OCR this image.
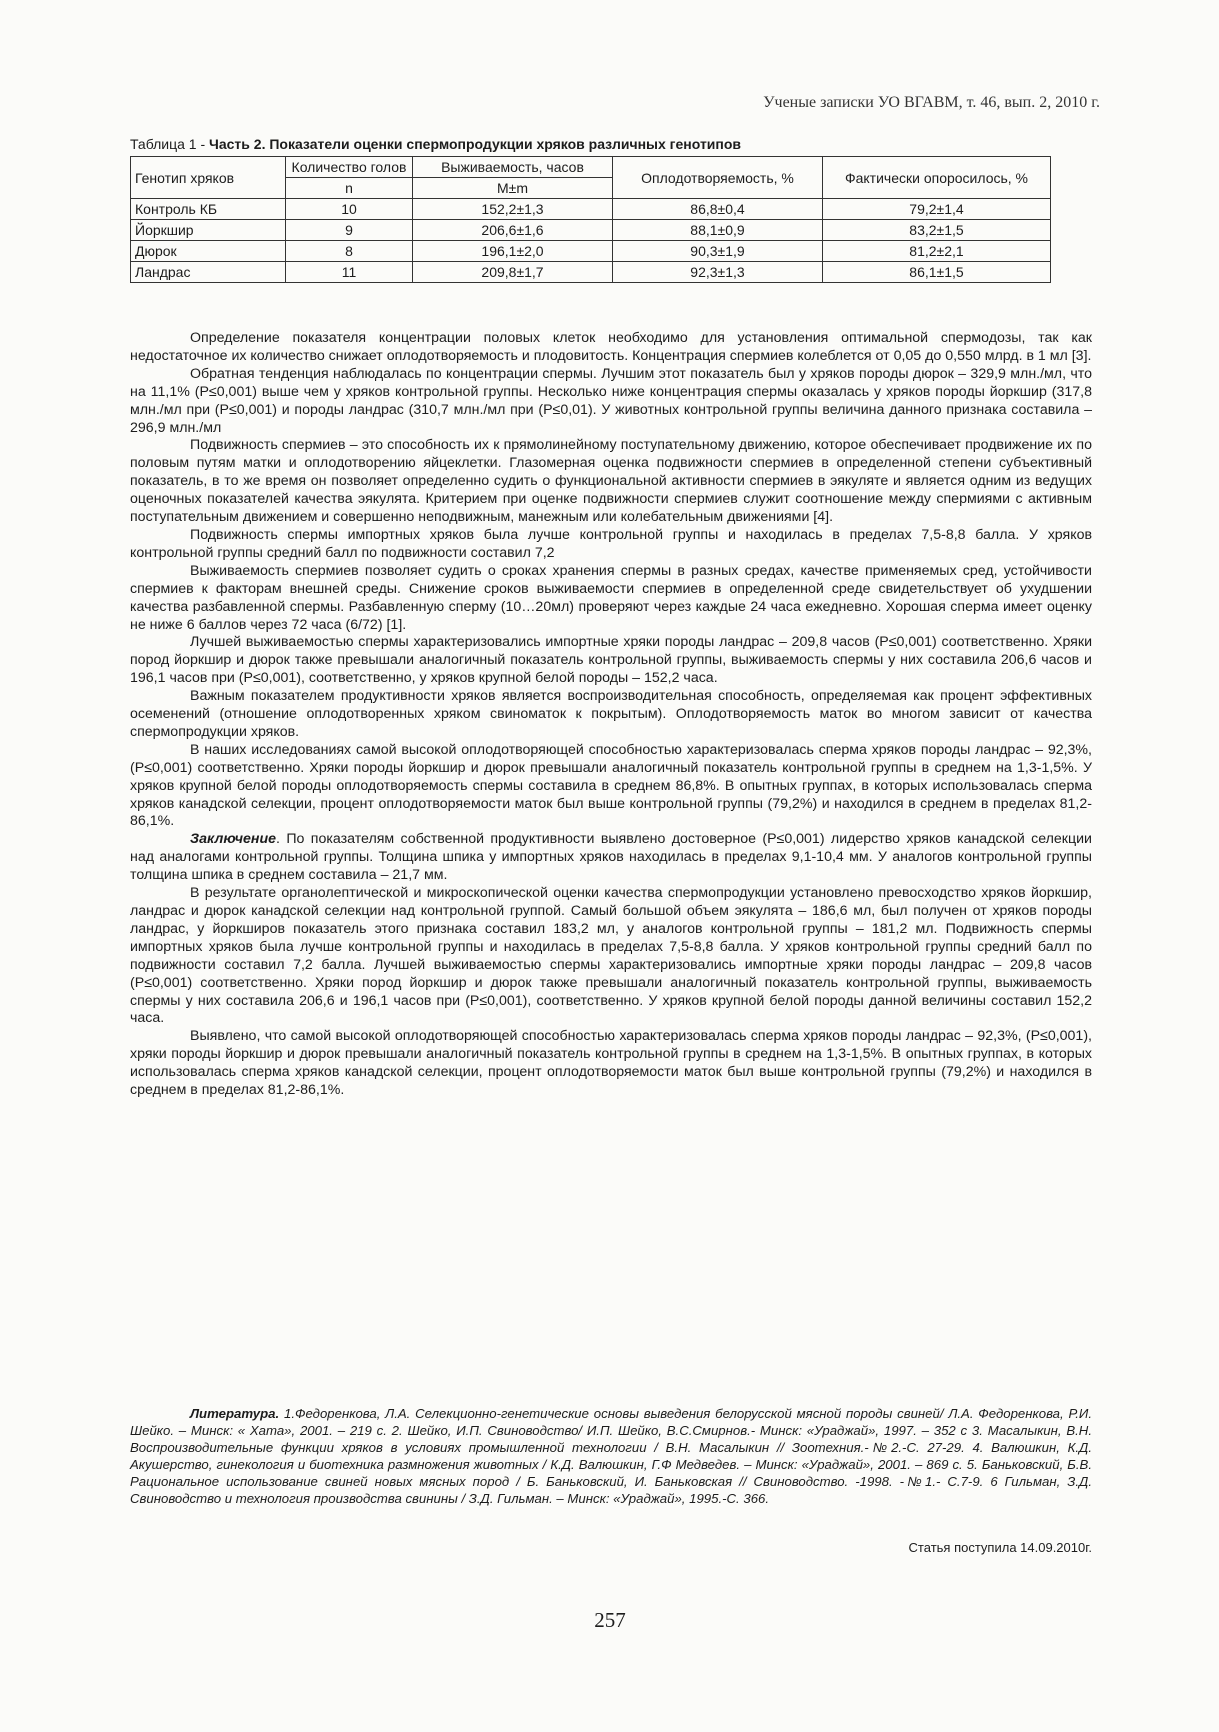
Ученые записки УО ВГАВМ, т. 46, вып. 2, 2010 г.
Таблица 1 - Часть 2. Показатели оценки спермопродукции хряков различных генотипов
Генотип хряков	Количество голов	Выживаемость, часов	Оплодотворяемость, %	Фактически опоросилось, %
	n	M±m		
Контроль КБ	10	152,2±1,3	86,8±0,4	79,2±1,4
Йоркшир	9	206,6±1,6	88,1±0,9	83,2±1,5
Дюрок	8	196,1±2,0	90,3±1,9	81,2±2,1
Ландрас	11	209,8±1,7	92,3±1,3	86,1±1,5

Определение показателя концентрации половых клеток необходимо для установления оптимальной спермодозы, так как недостаточное их количество снижает оплодотворяемость и плодовитость. Концентрация спермиев колеблется от 0,05 до 0,550 млрд. в 1 мл [3].

Обратная тенденция наблюдалась по концентрации спермы. Лучшим этот показатель был у хряков породы дюрок – 329,9 млн./мл, что на 11,1% (P≤0,001) выше чем у хряков контрольной группы. Несколько ниже концентрация спермы оказалась у хряков породы йоркшир (317,8 млн./мл при (P≤0,001) и породы ландрас (310,7 млн./мл при (P≤0,01). У животных контрольной группы величина данного признака составила – 296,9 млн./мл

Подвижность спермиев – это способность их к прямолинейному поступательному движению, которое обеспечивает продвижение их по половым путям матки и оплодотворению яйцеклетки. Глазомерная оценка подвижности спермиев в определенной степени субъективный показатель, в то же время он позволяет определенно судить о функциональной активности спермиев в эякуляте и является одним из ведущих оценочных показателей качества эякулята. Критерием при оценке подвижности спермиев служит соотношение между спермиями с активным поступательным движением и совершенно неподвижным, манежным или колебательным движениями [4].

Подвижность спермы импортных хряков была лучше контрольной группы и находилась в пределах 7,5-8,8 балла. У хряков контрольной группы средний балл по подвижности составил 7,2

Выживаемость спермиев позволяет судить о сроках хранения спермы в разных средах, качестве применяемых сред, устойчивости спермиев к факторам внешней среды. Снижение сроков выживаемости спермиев в определенной среде свидетельствует об ухудшении качества разбавленной спермы. Разбавленную сперму (10…20мл) проверяют через каждые 24 часа ежедневно. Хорошая сперма имеет оценку не ниже 6 баллов через 72 часа (6/72) [1].

Лучшей выживаемостью спермы характеризовались импортные хряки породы ландрас – 209,8 часов (P≤0,001) соответственно. Хряки пород йоркшир и дюрок также превышали аналогичный показатель контрольной группы, выживаемость спермы у них составила 206,6 часов и 196,1 часов при (P≤0,001), соответственно, у хряков крупной белой породы – 152,2 часа.

Важным показателем продуктивности хряков является воспроизводительная способность, определяемая как процент эффективных осеменений (отношение оплодотворенных хряком свиноматок к покрытым). Оплодотворяемость маток во многом зависит от качества спермопродукции хряков.

В наших исследованиях самой высокой оплодотворяющей способностью характеризовалась сперма хряков породы ландрас – 92,3%, (P≤0,001) соответственно. Хряки породы йоркшир и дюрок превышали аналогичный показатель контрольной группы в среднем на 1,3-1,5%. У хряков крупной белой породы оплодотворяемость спермы составила в среднем 86,8%. В опытных группах, в которых использовалась сперма хряков канадской селекции, процент оплодотворяемости маток был выше контрольной группы (79,2%) и находился в среднем в пределах 81,2-86,1%.

Заключение. По показателям собственной продуктивности выявлено достоверное (P≤0,001) лидерство хряков канадской селекции над аналогами контрольной группы. Толщина шпика у импортных хряков находилась в пределах 9,1-10,4 мм. У аналогов контрольной группы толщина шпика в среднем составила – 21,7 мм.

В результате органолептической и микроскопической оценки качества спермопродукции установлено превосходство хряков йоркшир, ландрас и дюрок канадской селекции над контрольной группой. Самый большой объем эякулята – 186,6 мл, был получен от хряков породы ландрас, у йоркширов показатель этого признака составил 183,2 мл, у аналогов контрольной группы – 181,2 мл. Подвижность спермы импортных хряков была лучше контрольной группы и находилась в пределах 7,5-8,8 балла. У хряков контрольной группы средний балл по подвижности составил 7,2 балла. Лучшей выживаемостью спермы характеризовались импортные хряки породы ландрас – 209,8 часов (P≤0,001) соответственно. Хряки пород йоркшир и дюрок также превышали аналогичный показатель контрольной группы, выживаемость спермы у них составила 206,6 и 196,1 часов при (P≤0,001), соответственно. У хряков крупной белой породы данной величины составил 152,2 часа.

Выявлено, что самой высокой оплодотворяющей способностью характеризовалась сперма хряков породы ландрас – 92,3%, (P≤0,001), хряки породы йоркшир и дюрок превышали аналогичный показатель контрольной группы в среднем на 1,3-1,5%. В опытных группах, в которых использовалась сперма хряков канадской селекции, процент оплодотворяемости маток был выше контрольной группы (79,2%) и находился в среднем в пределах 81,2-86,1%.

Литература. 1.Федоренкова, Л.А. Селекционно-генетические основы выведения белорусской мясной породы свиней/ Л.А. Федоренкова, Р.И. Шейко. – Минск: « Хата», 2001. – 219 с. 2. Шейко, И.П. Свиноводство/ И.П. Шейко, В.С.Смирнов.- Минск: «Ураджай», 1997. – 352 с 3. Масалыкин, В.Н. Воспроизводительные функции хряков в условиях промышленной технологии / В.Н. Масалыкин // Зоотехния.-№2.-С. 27-29. 4. Валюшкин, К.Д. Акушерство, гинекология и биотехника размножения животных / К.Д. Валюшкин, Г.Ф Медведев. – Минск: «Ураджай», 2001. – 869 с. 5. Баньковский, Б.В. Рациональное использование свиней новых мясных пород / Б. Баньковский, И. Баньковская // Свиноводство. -1998. -№1.- С.7-9. 6 Гильман, З.Д. Свиноводство и технология производства свинины / З.Д. Гильман. – Минск: «Ураджай», 1995.-С. 366.
Статья поступила 14.09.2010г.
257
